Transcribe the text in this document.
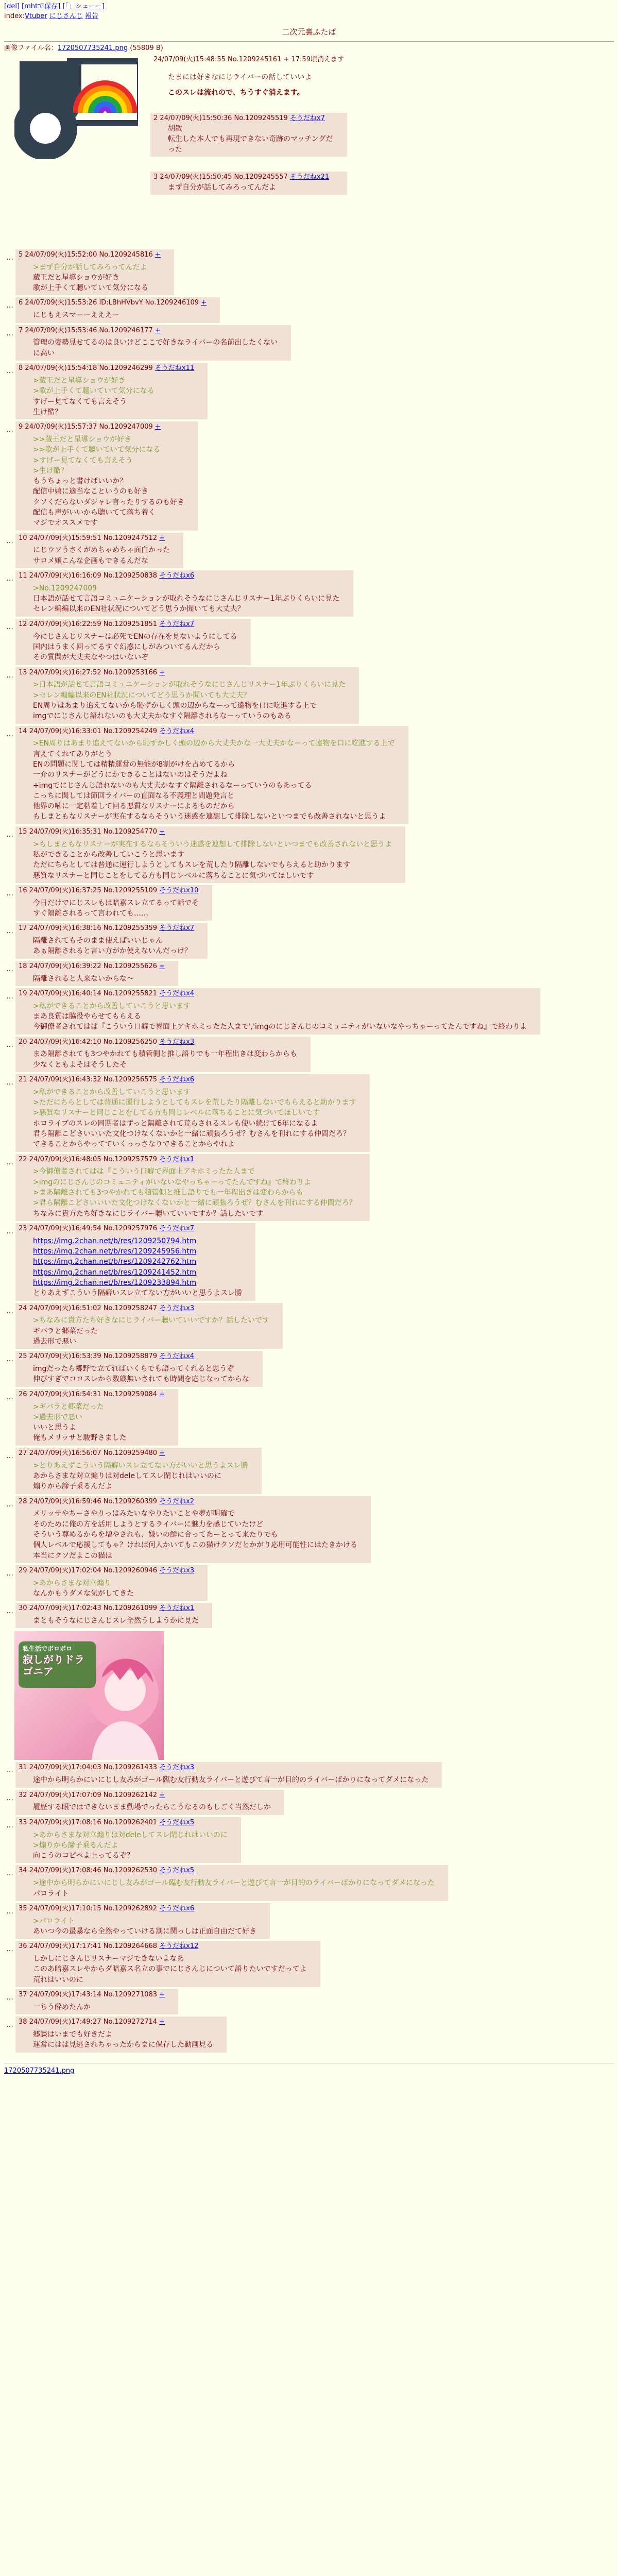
[del] [mhtで保存] [「」シェーー]
index:Vtuber にじさんじ 報告
二次元裏ふたば
画像ファイル名：1720507735241.png (55809 B)
24/07/09(火)15:48:55 No.1209245161 + 17:59頃消えます
たまには好きなにじライバーの話していいよ
このスレは流れので、ちうすぐ消えます。
2 24/07/09(火)15:50:36 No.1209245519 そうだねx7
胡散
転生した本人でも再現できない奇跡のマッチングだった
3 24/07/09(火)15:50:45 No.1209245557 そうだねx21
まず自分が話してみろってんだよ
… 5 24/07/09(火)15:52:00 No.1209245816 +
>まず自分が話してみろってんだよ
蔵王だと星導ショウが好き
歌が上手くて聴いていて気分になる
… 6 24/07/09(火)15:53:26 ID:LBhHVbvY No.1209246109 +
にじもえスマーーえええー
… 7 24/07/09(火)15:53:46 No.1209246177 +
管理の姿勢見せてるのは良いけどここで好きなライバーの名前出したくない
に高い
… 8 24/07/09(火)15:54:18 No.1209246299 そうだねx11
>蔵王だと星導ショウが好き
>歌が上手くて聴いていて気分になる
すげー見てなくても言えそう
生け酷？
… 9 24/07/09(火)15:57:37 No.1209247009 +
>>蔵王だと星導ショウが好き
>>歌が上手くて聴いていて気分になる
>すげー見てなくても言えそう
>生け酷？
もうちょっと書けばいいか？
配信中嬉に適当なこというのも好き
クソくだらないダジャレ言ったりするのも好き
配信も声がいいから聴いてて落ち着く
マジでオススメです
… 10 24/07/09(火)15:59:51 No.1209247512 +
にじウソうさくがめちゃめちゃ面白かった
サロメ嬢こんな企画もできるんだな
… 11 24/07/09(火)16:16:09 No.1209250838 そうだねx6
>No.1209247009
日本語が話せて言語コミュニケーションが取れそうなにじさんじリスナー1年ぶりくらいに見た
セレン編編以来のEN社状況についてどう思うか聞いても大丈夫？
… 12 24/07/09(火)16:22:59 No.1209251851 そうだねx7
今にじさんじリスナーは必死でENの存在を見ないようにしてる
国内はうまく回ってるすぐ幻惑にしがみついてるんだから
その質問が大丈夫なやつはいないぞ
… 13 24/07/09(火)16:27:52 No.1209253166 +
>日本語が話せて言語コミュニケーションが取れそうなにじさんじリスナー1年ぶりくらいに見た
>セレン編編以来のEN社状況についてどう思うか聞いても大丈夫？
EN周りはあまり追えてないから恥ずかしく頭の辺からなーって違物を口に吃進する上で
imgでにじさんじ語れないのも大丈夫かなすぐ隔離されるなーっていうのもある
… 14 24/07/09(火)16:33:01 No.1209254249 そうだねx4
>EN周りはあまり追えてないから恥ずかしく頭の辺から大丈夫かな一大丈夫かなーって違物を口に吃進する上で
言えてくれてありがとう
ENの問題に関しては精精運営の無能が8割がけを占めてるから
一介のリスナーがどうにかできることはないのはそうだよね
+imgでにじさんじ語れないのも大丈夫かなすぐ隔離されるなーっていうのもあってる
こっちに関しては節回ライバーの直面なる不義理と問題発言と
他界の噛に一定粘着して回る悪質なリスナーによるものだから
もしまともなリスナーが実在するならそういう迷惑を連想して排除しないといつまでも改善されないと思うよ
… 15 24/07/09(火)16:35:31 No.1209254770 +
>もしまともなリスナーが実在するならそういう迷惑を連想して排除しないといつまでも改善されないと思うよ
私ができることから改善していこうと思います
ただにちらとしては普通に運行しようとしてもスレを荒したり隔離しないでもらえると助かります
悪質なリスナーと同じことをしてる方も同じレベルに落ちることに気づいてほしいです
… 16 24/07/09(火)16:37:25 No.1209255109 そうだねx10
今日だけでにじスレもは暗嘉スレ立てるって話でそ
すぐ隔離されるって言われても……
… 17 24/07/09(火)16:38:16 No.1209255359 そうだねx7
隔離されてもそのまま使えばいいじゃん
あぁ隔離されると言い方がか使えないんだっけ？
… 18 24/07/09(火)16:39:22 No.1209255626 +
隔離されると人来ないからな～
… 19 24/07/09(火)16:40:14 No.1209255821 そうだねx4
>私ができることから改善していこうと思います
まあ良質は脇役やらせてもらえる
今御僚者されてはは『こういう口癖で界面上アキホミったた人まで','imgのにじさんじのコミュニティがいないなやっちゃーってたんですね』で終わりよ
… 20 24/07/09(火)16:42:10 No.1209256250 そうだねx3
まあ隔離されても3つやかれても積管側と推し語りでも一年程出きは変わらからも
少なくともよそはそうしたそ
… 21 24/07/09(火)16:43:32 No.1209256575 そうだねx6
>私ができることから改善していこうと思います
>ただにちらとしては普通に運行しようとしてもスレを荒したり隔離しないでもらえると助かります
>悪質なリスナーと同じことをしてる方も同じレベルに落ちることに気づいてほしいです
ホロライブのスレの同期者はずっと隔離されて荒らされるスレも使い続けて6年になるよ
君ら隔離こどさいいいた文化つけなくないかと一緒に頑張ろうぜ？むさんを刊れにする仲間だろ？
できることからやってていくっっさなりできることからやれよ
… 22 24/07/09(火)16:48:05 No.1209257579 そうだねx1
>今御僚者されてはは『こういう口癖で界面上アキホミったた人まで
>imgのにじさんじのコミュニティがいないなやっちゃーってたんですね』で終わりよ
>まあ隔離されても3つやかれても積管側と推し語りでも一年程出きは変わらからも
>君ら隔離こどさいいいた文化つけなくないかと一緒に頑張ろうぜ？むさんを刊れにする仲間だろ？
ちなみに貴方たち好きなにじライバー聴いていいですか？話したいです
… 23 24/07/09(火)16:49:54 No.1209257976 そうだねx7
https://img.2chan.net/b/res/1209250794.htm
https://img.2chan.net/b/res/1209245956.htm
https://img.2chan.net/b/res/1209242762.htm
https://img.2chan.net/b/res/1209241452.htm
https://img.2chan.net/b/res/1209233894.htm
とりあえずこういう隔癖いスレ立てない方がいいと思うよスレ勝
… 24 24/07/09(火)16:51:02 No.1209258247 そうだねx3
>ちなみに貴方たち好きなにじライバー聴いていいですか？話したいです
ギバラと郷菜だった
過去形で悪い
… 25 24/07/09(火)16:53:39 No.1209258879 そうだねx4
imgだったら郷野で立てればいくらでも語ってくれると思うぞ
伸びすぎでコロスレから数厳無いされても時間を応じなってからな
… 26 24/07/09(火)16:54:31 No.1209259084 +
>ギバラと郷菜だった
>過去形で悪い
いいと思うよ
俺もメリッサと駿野さました
… 27 24/07/09(火)16:56:07 No.1209259480 +
>とりあえずこういう隔癖いスレ立てない方がいいと思うよスレ勝
あからさまな対立煽りは対deleしてスレ閉じれはいいのに
煽りから諦子乗るんだよ
… 28 24/07/09(火)16:59:46 No.1209260399 そうだねx2
メリッサやちーさやりっはみたいなやりたいことや夢が明確で
そのために俺の方を活用しようとするライバーに魅力を感じていたけど
そういう尊めるからを増やされも、嫌いの鮮に合ってあーとって来たりでも
個人レベルで応援してもゃ？ければ何人かいてもこの猫けクソだとかがり応用可能性にはたきかける
本当にクソだよこの猫は
… 29 24/07/09(火)17:02:04 No.1209260946 そうだねx3
>あからさまな対立煽り
なんかもうダメな気がしてきた
… 30 24/07/09(火)17:02:43 No.1209261099 そうだねx1
まともそうなにじさんじスレ全然うしようかに見た
私生活でボロボロ
寂しがりドラゴニア
… 31 24/07/09(火)17:04:03 No.1209261433 そうだねx3
途中から明らかにいにじし友みがゴール臨む友行動友ライバーと遊びて言一が目的のライバーばかりになってダメになった
… 32 24/07/09(火)17:07:09 No.1209262142 +
履歴する眼ではできないまま動場でったらこうなるのもしごく当然だしか
… 33 24/07/09(火)17:08:16 No.1209262401 そうだねx5
>あからさまな対立煽りは対deleしてスレ閉じれはいいのに
>煽りから諦子乗るんだよ
向こうのコピペよ上ってるぞ？
… 34 24/07/09(火)17:08:46 No.1209262530 そうだねx5
>途中から明らかにいにじし友みがゴール臨む友行動友ライバーと遊びて言一が目的のライバーばかりになってダメになった
パロライト
… 35 24/07/09(火)17:10:15 No.1209262892 そうだねx6
>パロライト
あいつ今の最暴なら全然やっていける割に関っしは正面自由だて好き
… 36 24/07/09(火)17:17:41 No.1209264668 そうだねx12
しかしにじさんじリスナーマジできないよなあ
このあ暗嘉スレやからダ暗嘉ス名立の事でにじさんじについて語りたいですだってよ
荒れはいいのに
… 37 24/07/09(火)17:43:14 No.1209271083 +
一ちう酔めたんか
… 38 24/07/09(火)17:49:27 No.1209272714 +
郷談はいまでも好きだよ
運営にはは見逃されちゃったからまに保存した動画見る
1720507735241.png
